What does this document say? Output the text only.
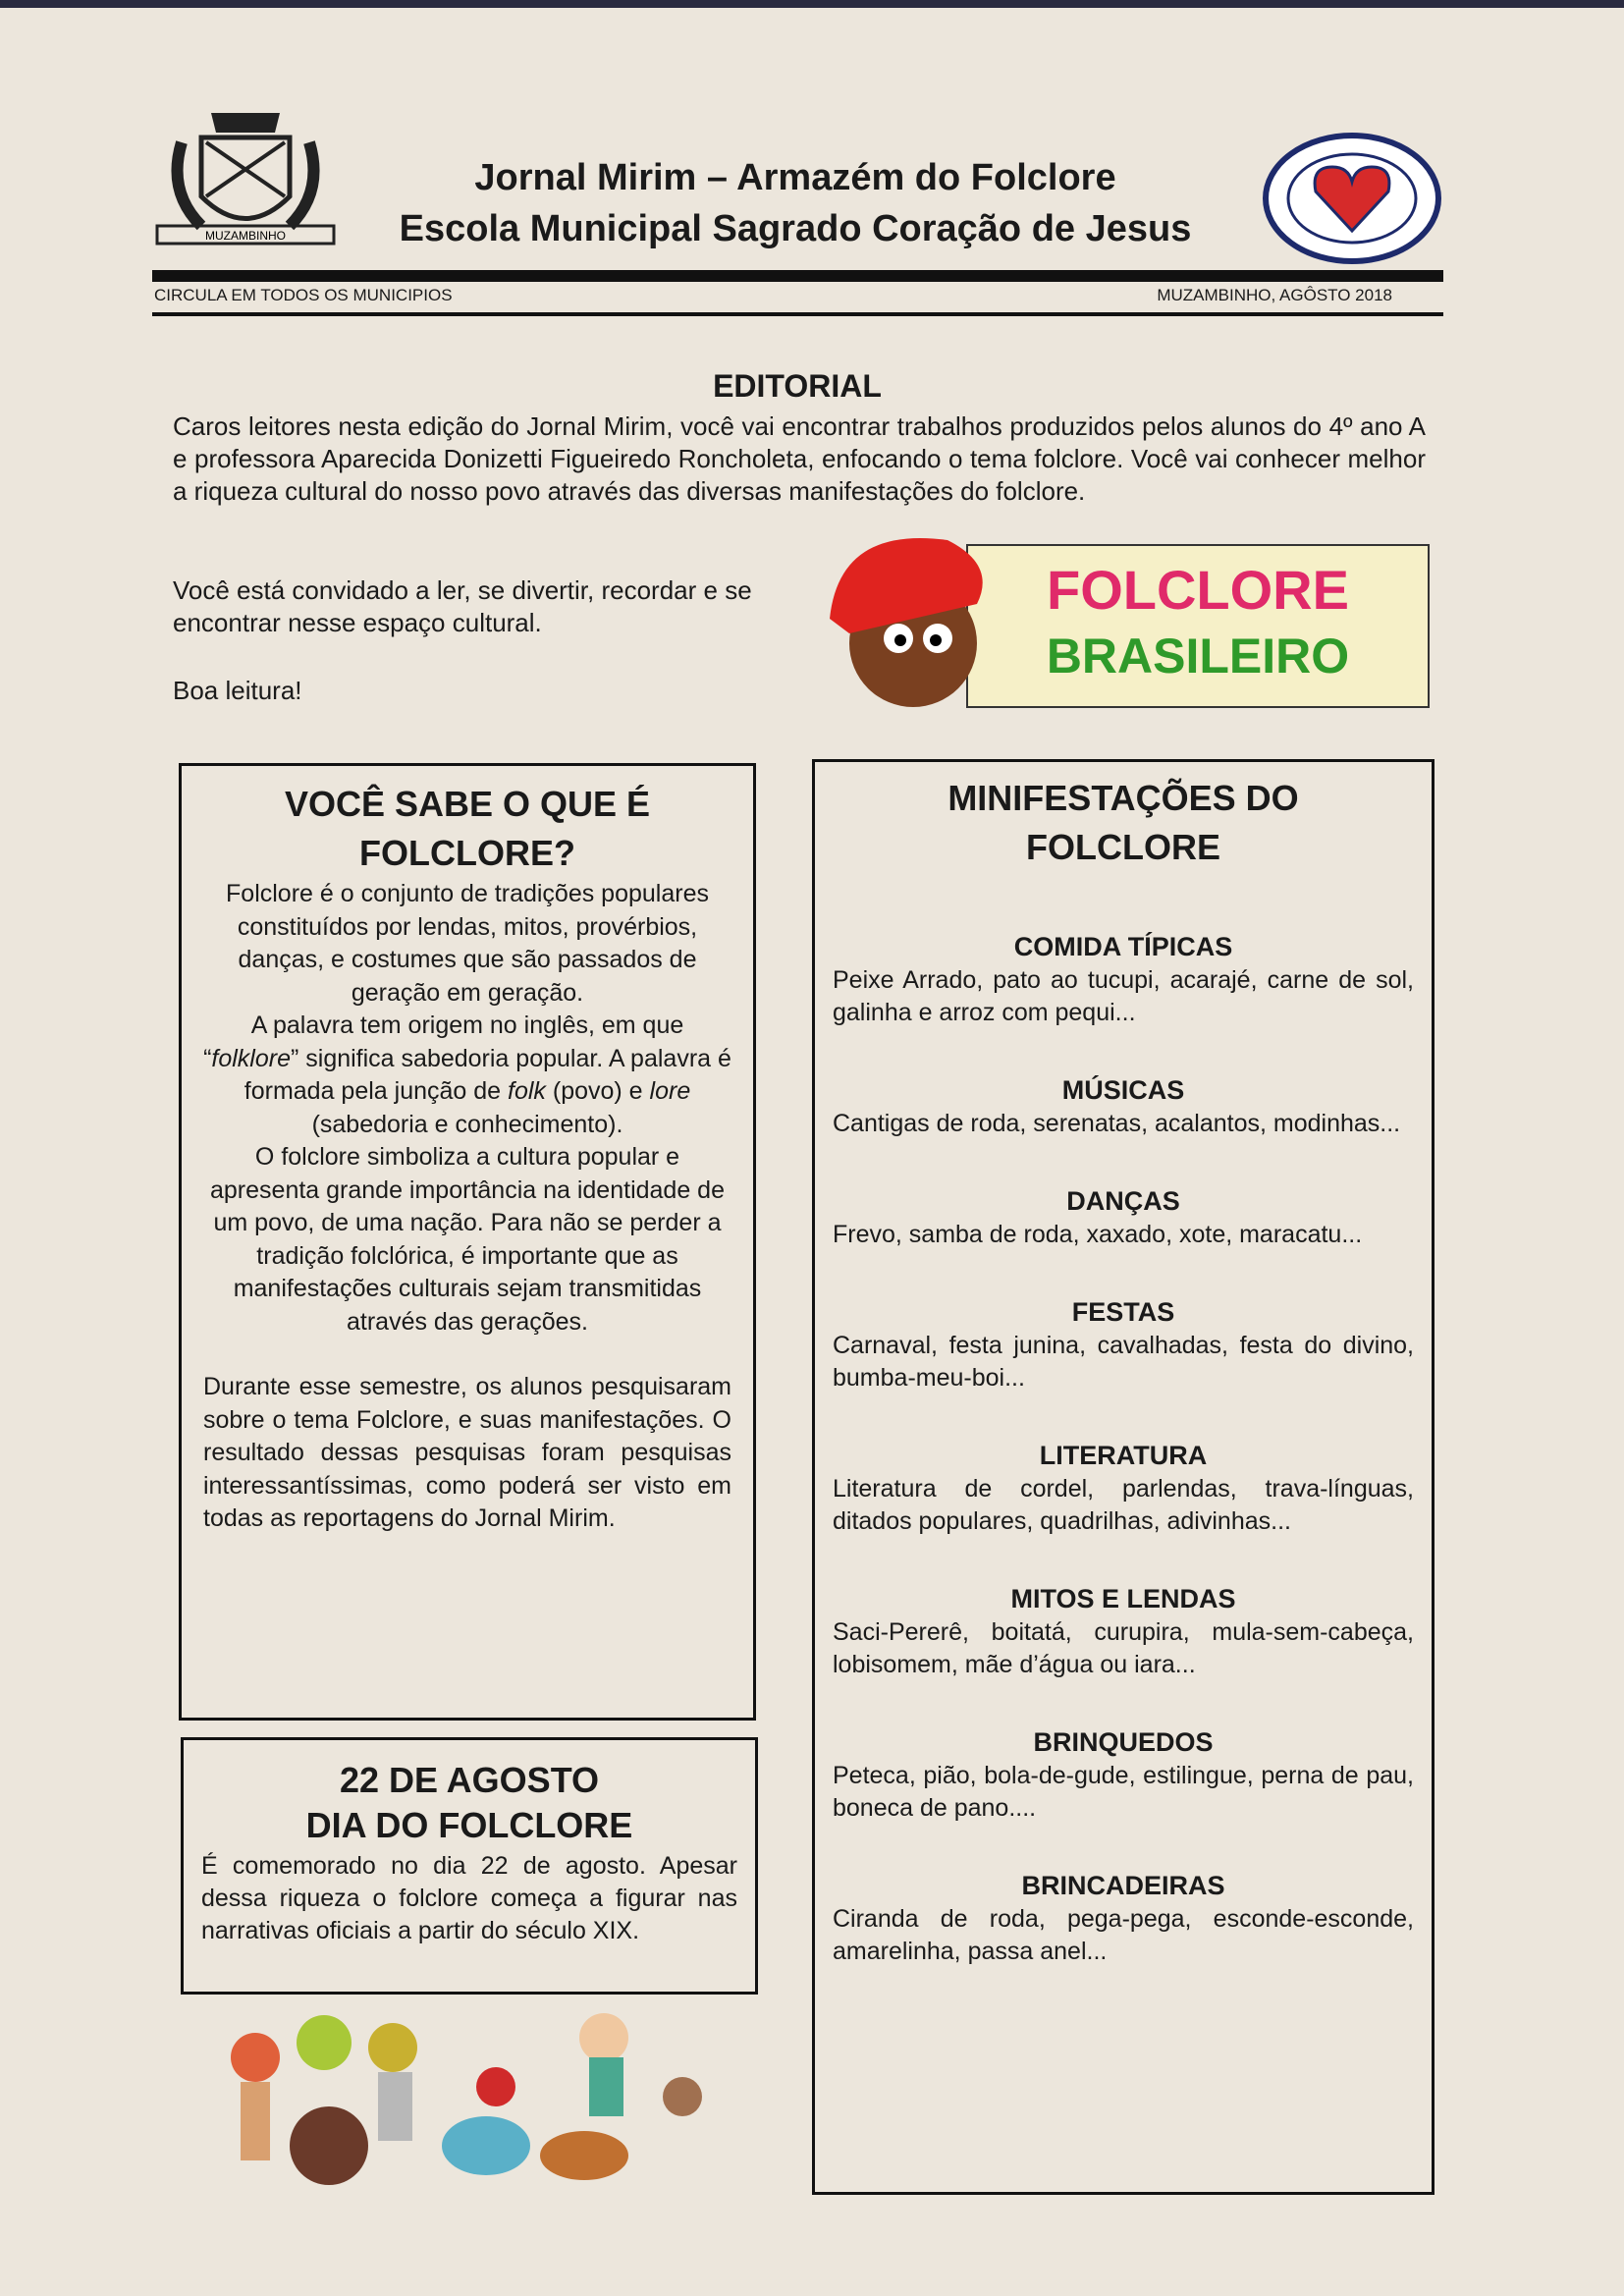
MUZAMBINHO
Jornal Mirim – Armazém do Folclore
Escola Municipal Sagrado Coração de Jesus
CIRCULA EM TODOS OS MUNICIPIOS	MUZAMBINHO, AGÔSTO 2018
EDITORIAL

Caros leitores nesta edição do Jornal Mirim, você vai encontrar trabalhos produzidos pelos alunos do 4º ano A e professora Aparecida Donizetti Figueiredo Roncholeta, enfocando o tema folclore. Você vai conhecer melhor a riqueza cultural do nosso povo através das diversas manifestações do folclore.

Você está convidado a ler, se divertir, recordar e se encontrar nesse espaço cultural.

Boa leitura!

FOLCLORE
BRASILEIRO
VOCÊ SABE O QUE É FOLCLORE?

Folclore é o conjunto de tradições populares constituídos por lendas, mitos, provérbios, danças, e costumes que são passados de geração em geração.

A palavra tem origem no inglês, em que “folklore” significa sabedoria popular. A palavra é formada pela junção de folk (povo) e lore (sabedoria e conhecimento).

O folclore simboliza a cultura popular e apresenta grande importância na identidade de um povo, de uma nação. Para não se perder a tradição folclórica, é importante que as manifestações culturais sejam transmitidas através das gerações.

Durante esse semestre, os alunos pesquisaram sobre o tema Folclore, e suas manifestações. O resultado dessas pesquisas foram pesquisas interessantíssimas, como poderá ser visto em todas as reportagens do Jornal Mirim.

22 DE AGOSTO
DIA DO FOLCLORE

É comemorado no dia 22 de agosto. Apesar dessa riqueza o folclore começa a figurar nas narrativas oficiais a partir do século XIX.

MINIFESTAÇÕES DO FOLCLORE
COMIDA TÍPICAS

Peixe Arrado, pato ao tucupi, acarajé, carne de sol, galinha e arroz com pequi...

MÚSICAS

Cantigas de roda, serenatas, acalantos, modinhas...

DANÇAS

Frevo, samba de roda, xaxado, xote, maracatu...

FESTAS

Carnaval, festa junina, cavalhadas, festa do divino, bumba-meu-boi...

LITERATURA

Literatura de cordel, parlendas, trava-línguas, ditados populares, quadrilhas, adivinhas...

MITOS E LENDAS

Saci-Pererê, boitatá, curupira, mula-sem-cabeça, lobisomem, mãe d’água ou iara...

BRINQUEDOS

Peteca, pião, bola-de-gude, estilingue, perna de pau, boneca de pano....

BRINCADEIRAS

Ciranda de roda, pega-pega, esconde-esconde, amarelinha, passa anel...
